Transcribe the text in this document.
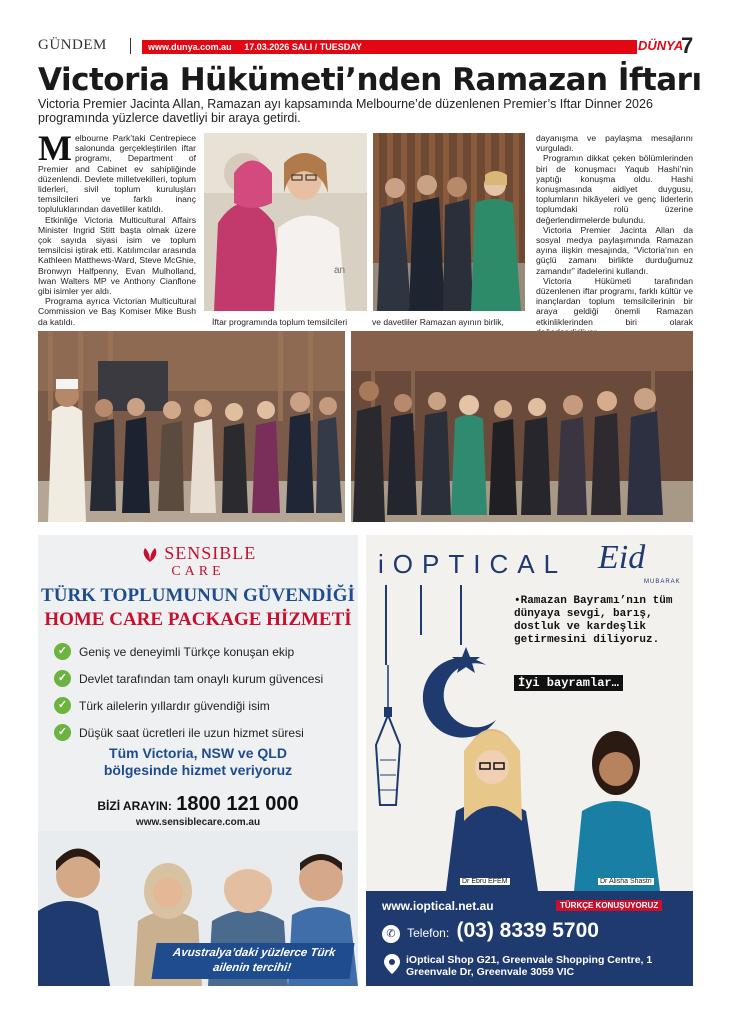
GÜNDEM	www.dunya.com.au 17.03.2026 SALI / TUESDAY	DÜNYA
7
Victoria Hükümeti’nden Ramazan İftarı

Victoria Premier Jacinta Allan, Ramazan ayı kapsamında Melbourne’de düzenlenen Premier’s Iftar Dinner 2026 programında yüzlerce davetliyi bir araya getirdi.

Melbourne Park’taki Centrepiece salonunda gerçekleştirilen iftar programı, Department of Premier and Cabinet ev sahipliğinde düzenlendi. Devlete milletvekilleri, toplum liderleri, sivil toplum kuruluşları temsilcileri ve farklı inanç topluluklarından davetliler katıldı.

Etkinliğe Victoria Multicultural Affairs Minister Ingrid Stitt başta olmak üzere çok sayıda siyasi isim ve toplum temsilcisi iştirak etti. Katılımcılar arasında Kathleen Matthews-Ward, Steve McGhie, Bronwyn Halfpenny, Evan Mulholland, Iwan Walters MP ve Anthony Cianflone gibi isimler yer aldı.

Programa ayrıca Victorian Multicultural Commission ve Baş Komiser Mike Bush da katıldı.

an
İftar programında toplum temsilcileri	ve davetliler Ramazan ayının birlik,

dayanışma ve paylaşma mesajlarını vurguladı.

Programın dikkat çeken bölümlerinden biri de konuşmacı Yaqub Hashi’nin yaptığı konuşma oldu. Hashi konuşmasında aidiyet duygusu, toplumların hikâyeleri ve genç liderlerin toplumdaki rolü üzerine değerlendirmelerde bulundu.

Victoria Premier Jacinta Allan da sosyal medya paylaşımında Ramazan ayına ilişkin mesajında, “Victoria’nın en güçlü zamanı birlikte durduğumuz zamandır” ifadelerini kullandı.

Victoria Hükümeti tarafından düzenlenen iftar programı, farklı kültür ve inançlardan toplum temsilcilerinin bir araya geldiği önemli Ramazan etkinliklerinden biri olarak

SENSIBLE
CARE
TÜRK TOPLUMUNUN GÜVENDİĞİ
HOME CARE PACKAGE HİZMETİ
✓ Geniş ve deneyimli Türkçe konuşan ekip
✓ Devlet tarafından tam onaylı kurum güvencesi
✓ Türk ailelerin yıllardır güvendiği isim
✓ Düşük saat ücretleri ile uzun hizmet süresi
Tüm Victoria, NSW ve QLD bölgesinde hizmet veriyoruz
BİZİ ARAYIN: 1800 121 000
www.sensiblecare.com.au
Avustralya’daki yüzlerce Türk ailenin tercihi!
iOPTICAL Eid
MUBARAK
•Ramazan Bayramı’nın tüm dünyaya sevgi, barış, dostluk ve kardeşlik getirmesini diliyoruz.
İyi bayramlar…
Dr Ebru EFEM	Dr Alisha Shastri
www.ioptical.net.au	TÜRKÇE KONUŞUYORUZ
✆ Telefon: (03) 8339 5700
iOptical Shop G21, Greenvale Shopping Centre, 1 Greenvale Dr, Greenvale 3059 VIC
